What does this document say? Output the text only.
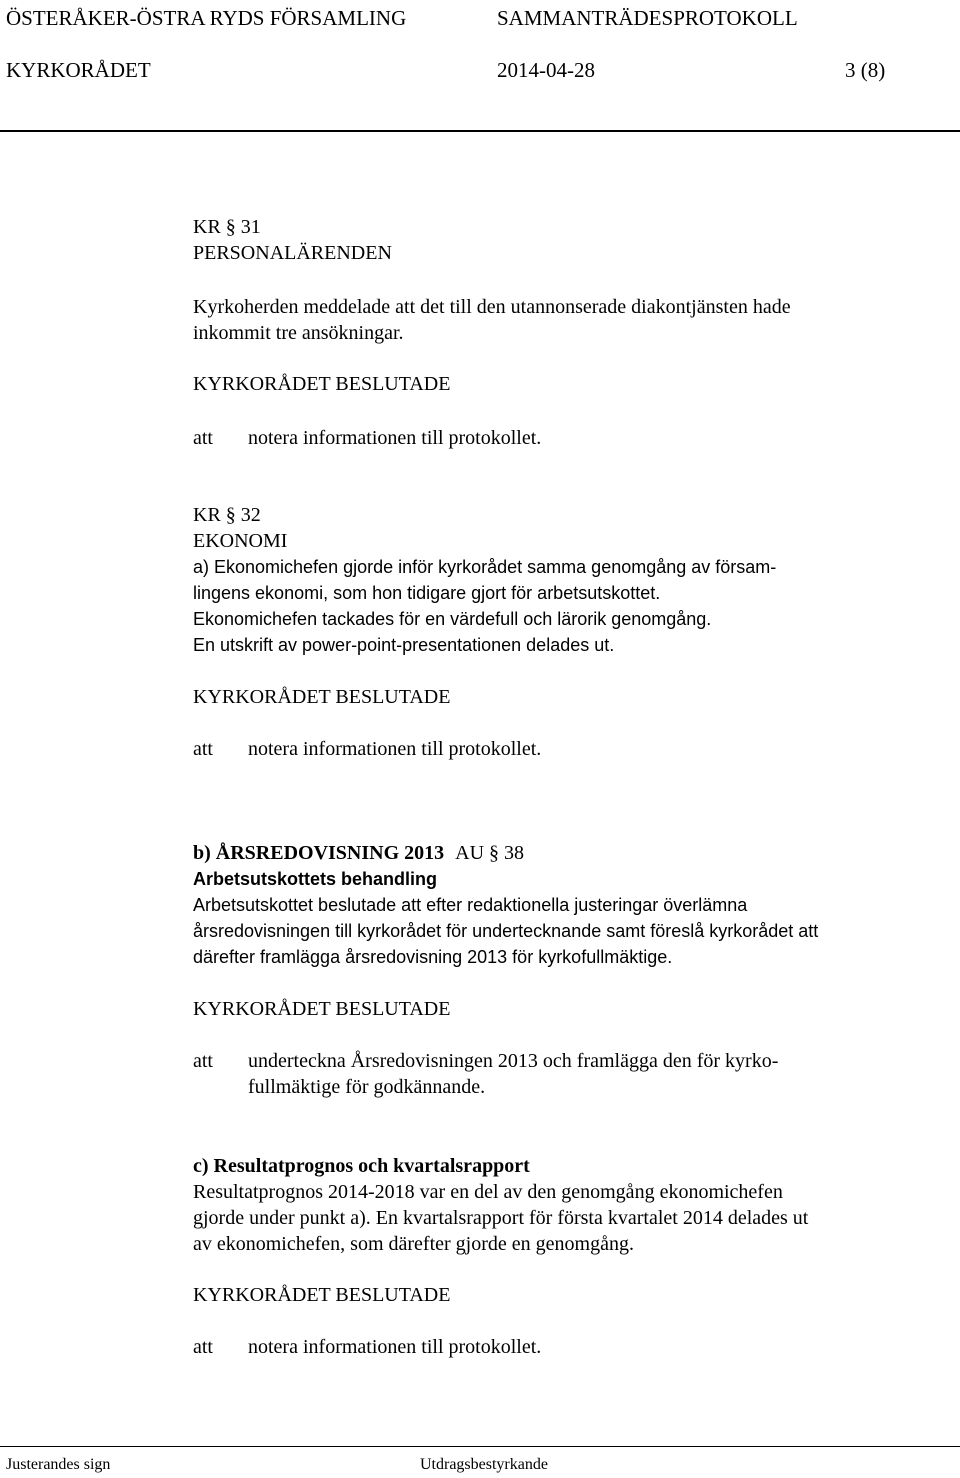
ÖSTERÅKER-ÖSTRA RYDS FÖRSAMLING	SAMMANTRÄDESPROTOKOLL
KYRKORÅDET	2014-04-28	3 (8)
KR § 31
PERSONALÄRENDEN
Kyrkoherden meddelade att det till den utannonserade diakontjänsten hade
inkommit tre ansökningar.
KYRKORÅDET BESLUTADE
att notera informationen till protokollet.
KR § 32
EKONOMI
a) Ekonomichefen gjorde inför kyrkorådet samma genomgång av försam-
lingens ekonomi, som hon tidigare gjort för arbetsutskottet.
Ekonomichefen tackades för en värdefull och lärorik genomgång.
En utskrift av power-point-presentationen delades ut.
KYRKORÅDET BESLUTADE
att notera informationen till protokollet.
b) ÅRSREDOVISNING 2013 AU § 38
Arbetsutskottets behandling
Arbetsutskottet beslutade att efter redaktionella justeringar överlämna
årsredovisningen till kyrkorådet för undertecknande samt föreslå kyrkorådet att
därefter framlägga årsredovisning 2013 för kyrkofullmäktige.
KYRKORÅDET BESLUTADE
att underteckna Årsredovisningen 2013 och framlägga den för kyrko-
fullmäktige för godkännande.
c) Resultatprognos och kvartalsrapport
Resultatprognos 2014-2018 var en del av den genomgång ekonomichefen
gjorde under punkt a). En kvartalsrapport för första kvartalet 2014 delades ut
av ekonomichefen, som därefter gjorde en genomgång.
KYRKORÅDET BESLUTADE
att notera informationen till protokollet.
Justerandes sign	Utdragsbestyrkande
